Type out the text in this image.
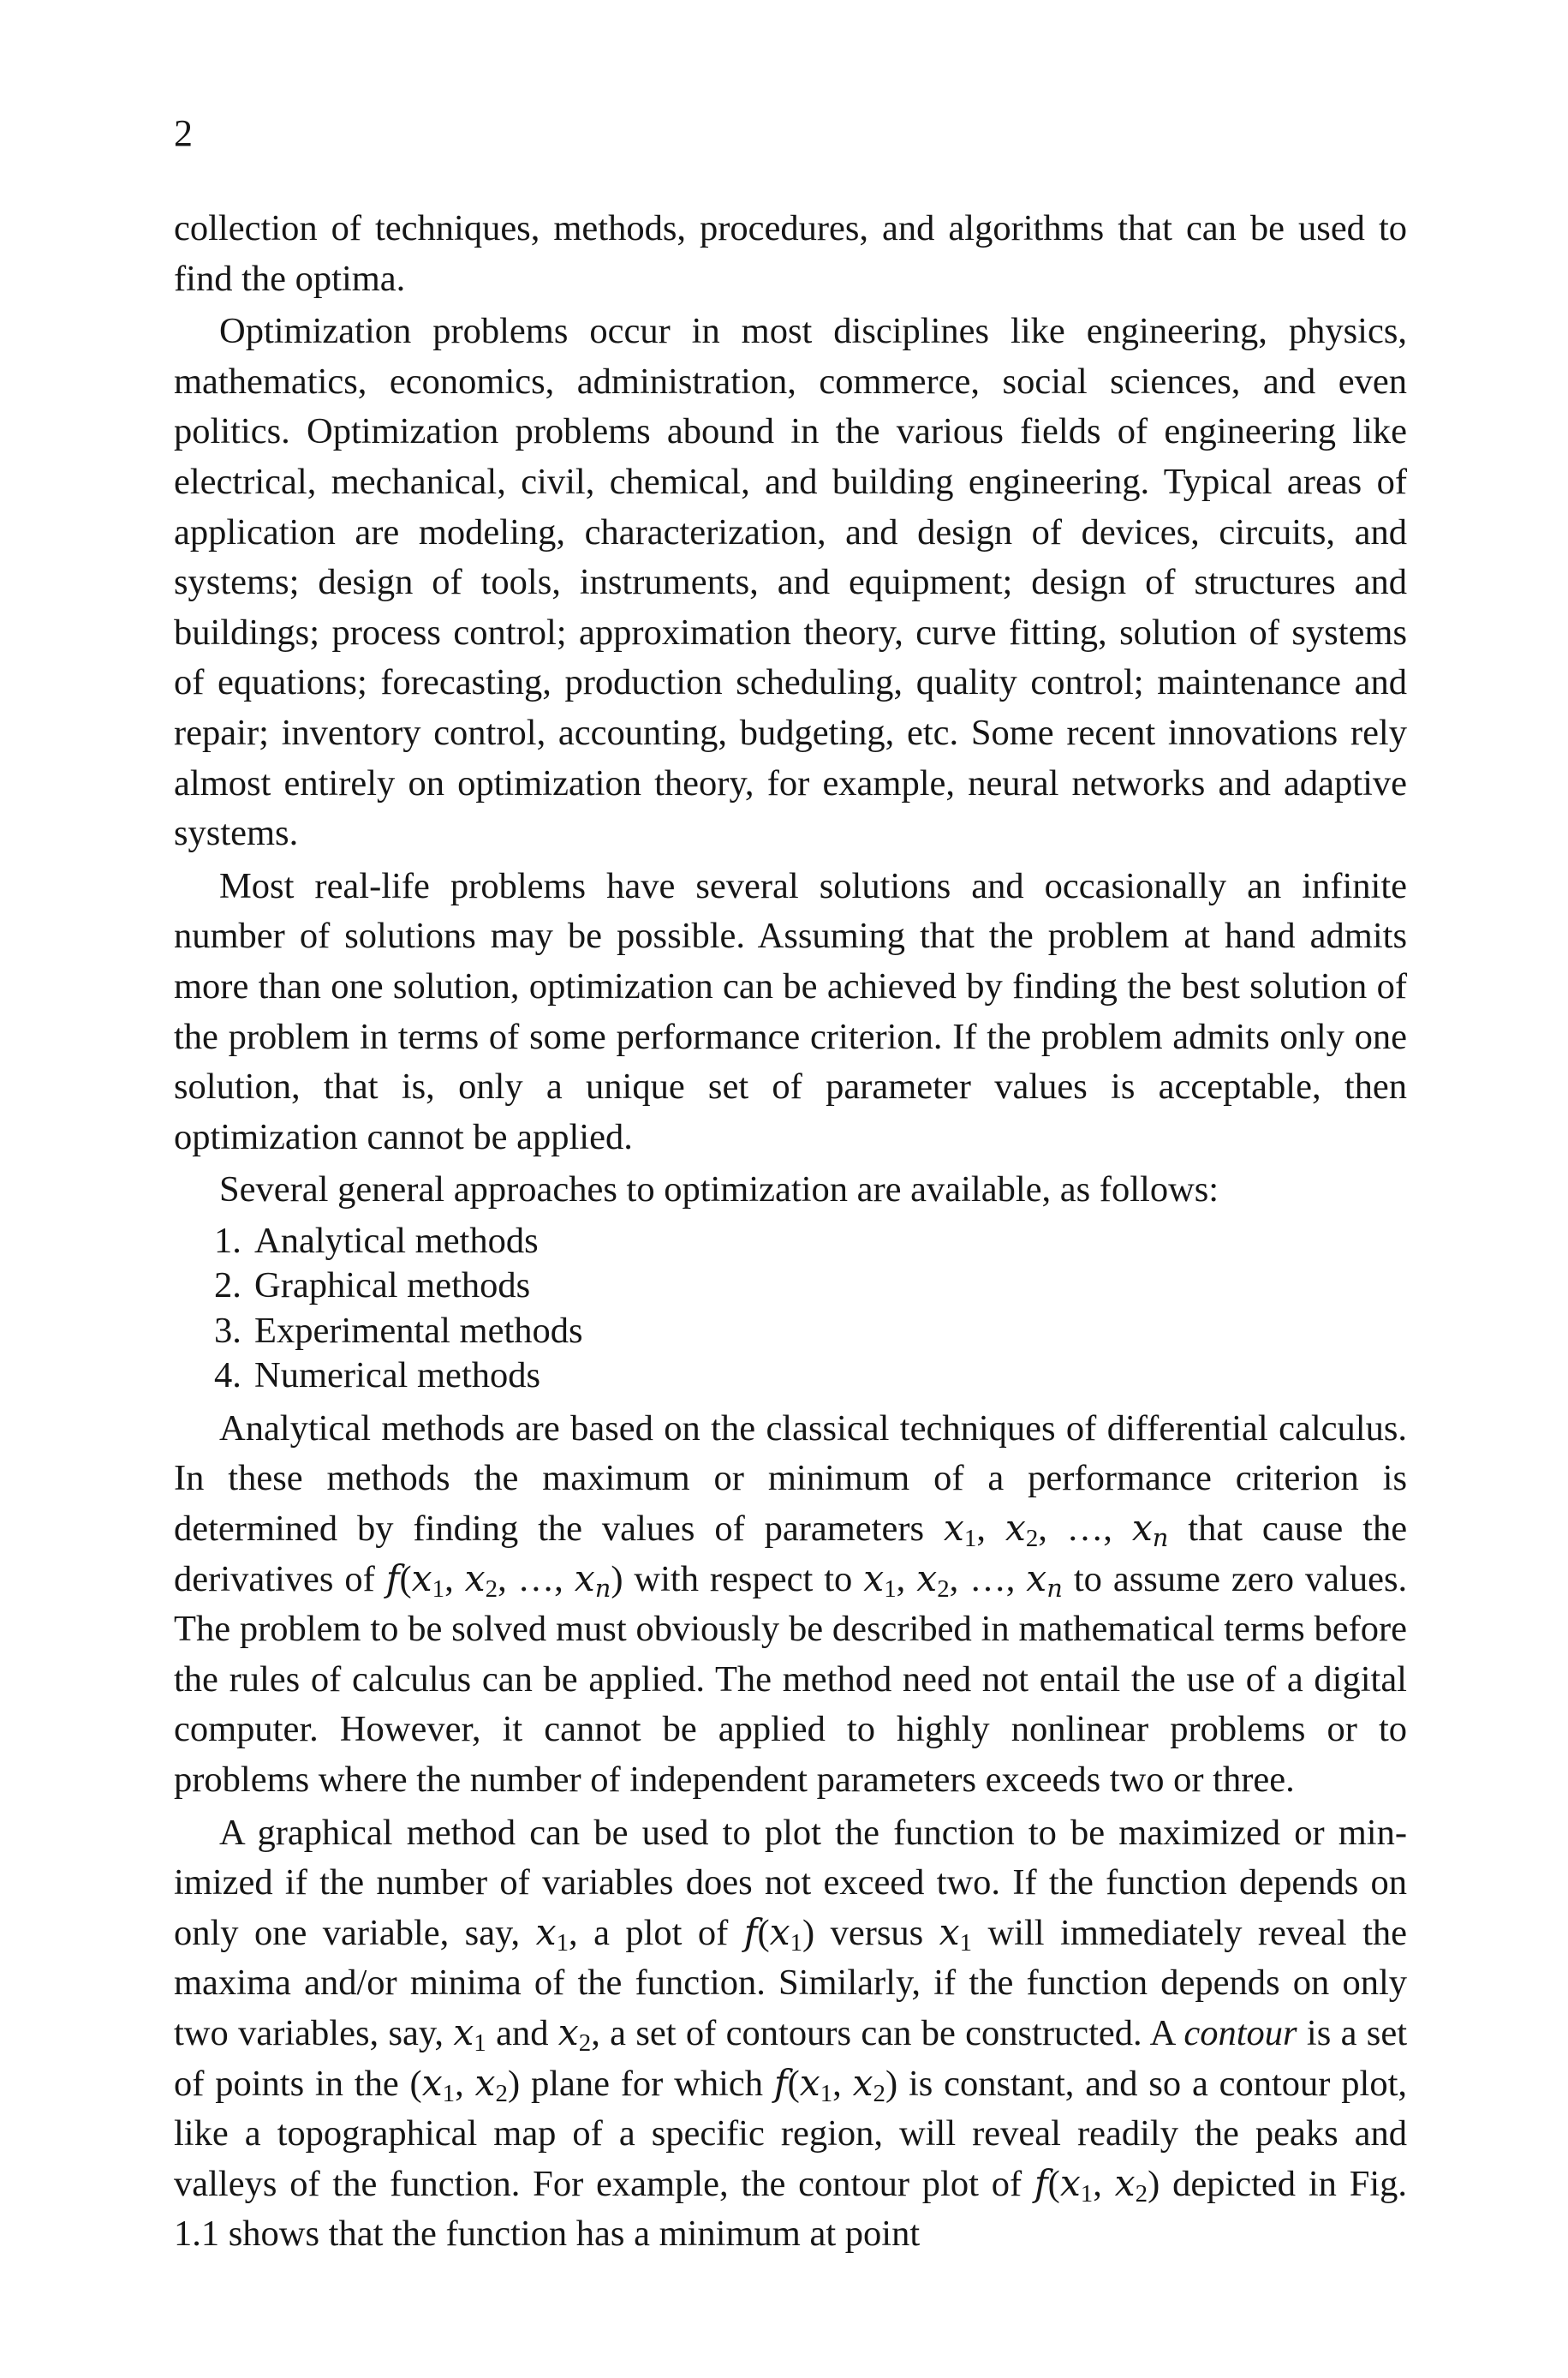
2

collection of techniques, methods, procedures, and algorithms that can be used to find the optima.

Optimization problems occur in most disciplines like engineering, physics, mathematics, economics, administration, commerce, social sciences, and even politics. Optimization problems abound in the various fields of engineering like electrical, mechanical, civil, chemical, and building engineering. Typical areas of application are modeling, characterization, and design of devices, circuits, and systems; design of tools, instruments, and equipment; design of structures and buildings; process control; approximation theory, curve fitting, solution of systems of equations; forecasting, production scheduling, quality control; maintenance and repair; inventory control, accounting, budgeting, etc. Some recent innovations rely almost entirely on optimization theory, for example, neural networks and adaptive systems.

Most real-life problems have several solutions and occasionally an infinite number of solutions may be possible. Assuming that the problem at hand admits more than one solution, optimization can be achieved by finding the best solution of the problem in terms of some performance criterion. If the problem admits only one solution, that is, only a unique set of parameter values is acceptable, then optimization cannot be applied.

Several general approaches to optimization are available, as follows:

1. Analytical methods
2. Graphical methods
3. Experimental methods
4. Numerical methods

Analytical methods are based on the classical techniques of differential calculus. In these methods the maximum or minimum of a performance criterion is determined by finding the values of parameters $x_1$, $x_2$, …, $x_n$ that cause the derivatives of $f(x_1$, $x_2$, …, $x_n$) with respect to $x_1$, $x_2$, …, $x_n$ to assume zero values. The problem to be solved must obviously be described in mathematical terms before the rules of calculus can be applied. The method need not entail the use of a digital computer. However, it cannot be applied to highly nonlinear problems or to problems where the number of independent parameters exceeds two or three.

A graphical method can be used to plot the function to be maximized or minimized if the number of variables does not exceed two. If the function depends on only one variable, say, $x_1$, a plot of $f(x_1)$ versus $x_1$ will immediately reveal the maxima and/or minima of the function. Similarly, if the function depends on only two variables, say, $x_1$ and $x_2$, a set of contours can be constructed. A contour is a set of points in the ($x_1$, $x_2$) plane for which $f(x_1$, $x_2$) is constant, and so a contour plot, like a topographical map of a specific region, will reveal readily the peaks and valleys of the function. For example, the contour plot of $f(x_1$, $x_2$) depicted in Fig. 1.1 shows that the function has a minimum at point
